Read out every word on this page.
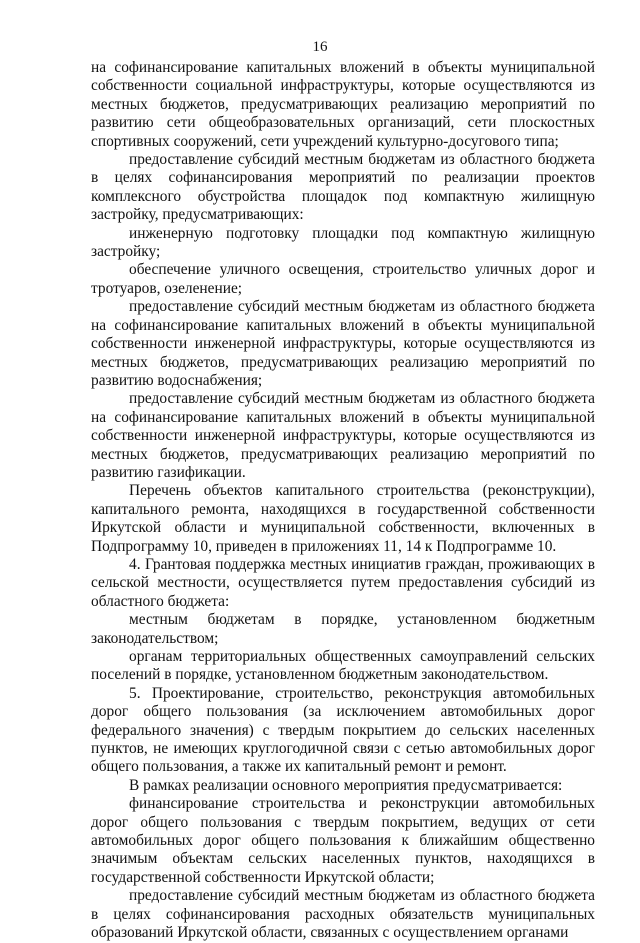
16

на софинансирование капитальных вложений в объекты муниципальной собственности социальной инфраструктуры, которые осуществляются из местных бюджетов, предусматривающих реализацию мероприятий по развитию сети общеобразовательных организаций, сети плоскостных спортивных сооружений, сети учреждений культурно-досугового типа;

предоставление субсидий местным бюджетам из областного бюджета в целях софинансирования мероприятий по реализации проектов комплексного обустройства площадок под компактную жилищную застройку, предусматривающих:

инженерную подготовку площадки под компактную жилищную застройку;

обеспечение уличного освещения, строительство уличных дорог и тротуаров, озеленение;

предоставление субсидий местным бюджетам из областного бюджета на софинансирование капитальных вложений в объекты муниципальной собственности инженерной инфраструктуры, которые осуществляются из местных бюджетов, предусматривающих реализацию мероприятий по развитию водоснабжения;

предоставление субсидий местным бюджетам из областного бюджета на софинансирование капитальных вложений в объекты муниципальной собственности инженерной инфраструктуры, которые осуществляются из местных бюджетов, предусматривающих реализацию мероприятий по развитию газификации.

Перечень объектов капитального строительства (реконструкции), капитального ремонта, находящихся в государственной собственности Иркутской области и муниципальной собственности, включенных в Подпрограмму 10, приведен в приложениях 11, 14 к Подпрограмме 10.

4. Грантовая поддержка местных инициатив граждан, проживающих в сельской местности, осуществляется путем предоставления субсидий из областного бюджета:

местным бюджетам в порядке, установленном бюджетным законодательством;

органам территориальных общественных самоуправлений сельских поселений в порядке, установленном бюджетным законодательством.

5. Проектирование, строительство, реконструкция автомобильных дорог общего пользования (за исключением автомобильных дорог федерального значения) с твердым покрытием до сельских населенных пунктов, не имеющих круглогодичной связи с сетью автомобильных дорог общего пользования, а также их капитальный ремонт и ремонт.

В рамках реализации основного мероприятия предусматривается:

финансирование строительства и реконструкции автомобильных дорог общего пользования с твердым покрытием, ведущих от сети автомобильных дорог общего пользования к ближайшим общественно значимым объектам сельских населенных пунктов, находящихся в государственной собственности Иркутской области;

предоставление субсидий местным бюджетам из областного бюджета в целях софинансирования расходных обязательств муниципальных образований Иркутской области, связанных с осуществлением органами
